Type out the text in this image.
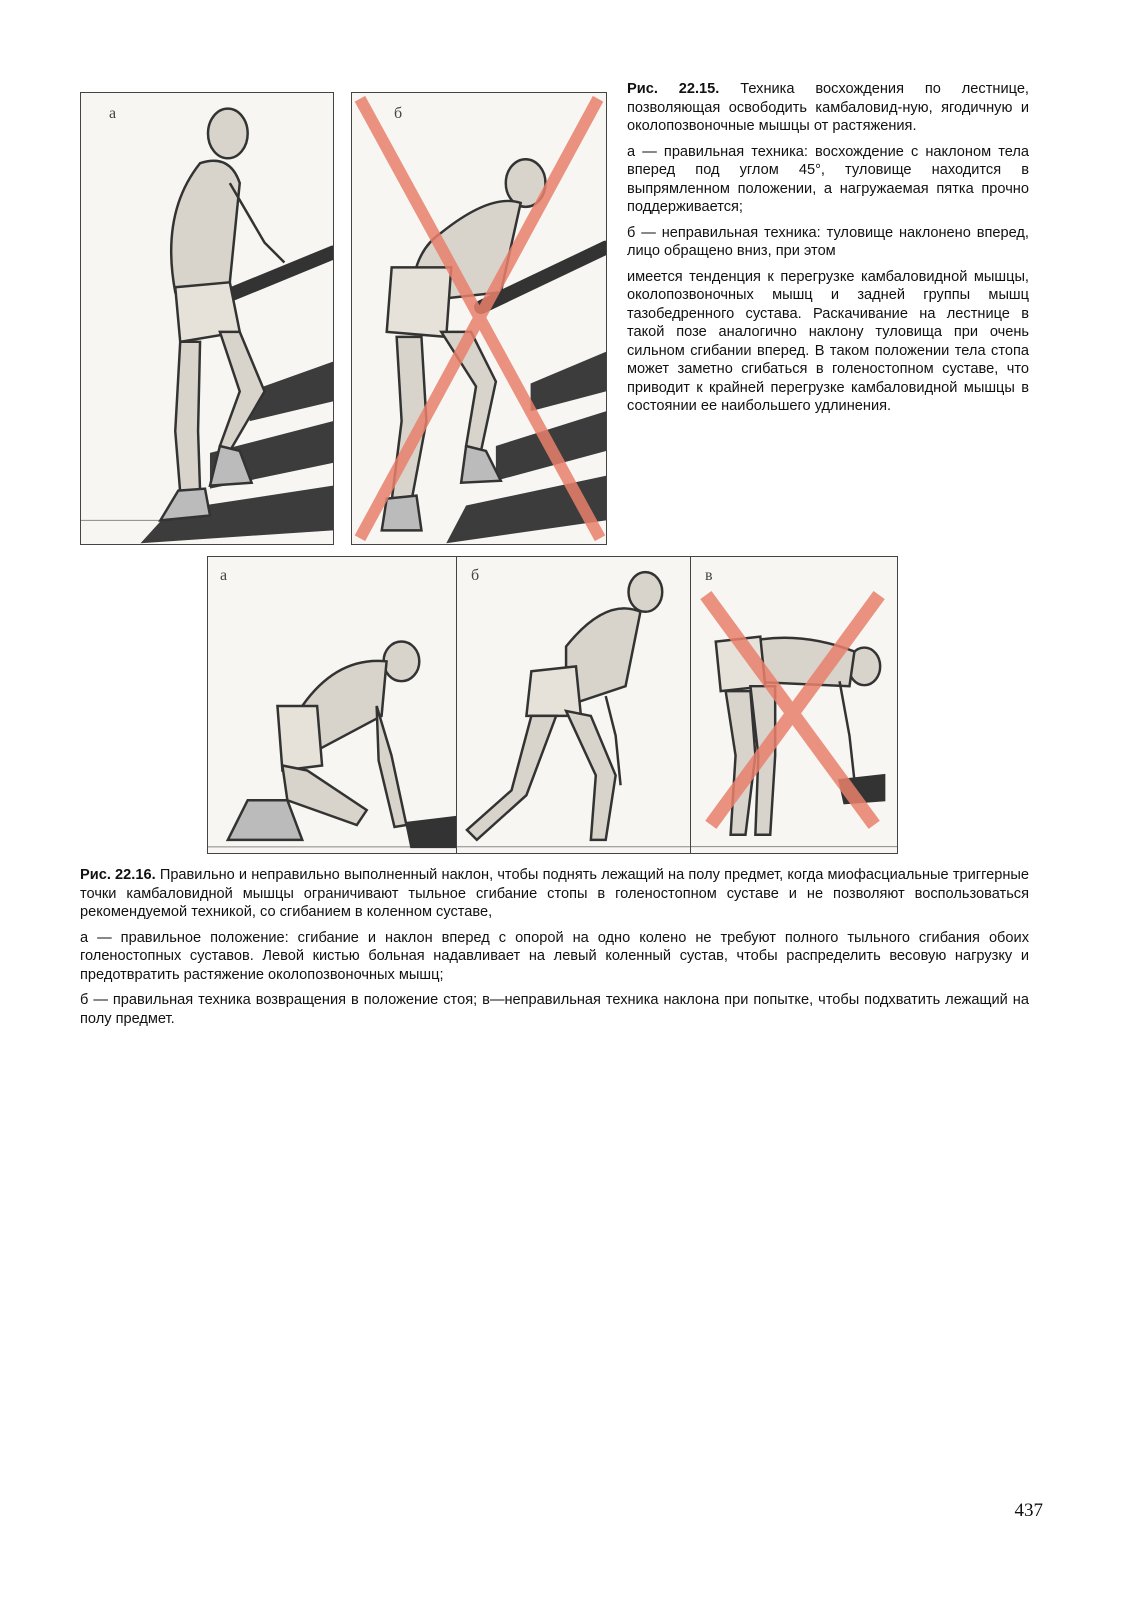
а	б

Рис. 22.15. Техника восхождения по лестнице, позволяющая освободить камбаловид-ную, ягодичную и околопозвоночные мышцы от растяжения.

а — правильная техника: восхождение с наклоном тела вперед под углом 45°, туловище находится в выпрямленном положении, а нагружаемая пятка прочно поддерживается;

б — неправильная техника: туловище наклонено вперед, лицо обращено вниз, при этом

имеется тенденция к перегрузке камбаловидной мышцы, околопозвоночных мышц и задней группы мышц тазобедренного сустава. Раскачивание на лестнице в такой позе аналогично наклону туловища при очень сильном сгибании вперед. В таком положении тела стопа может заметно сгибаться в голеностопном суставе, что приводит к крайней перегрузке камбаловидной мышцы в состоянии ее наибольшего удлинения.

а	б	в

Рис. 22.16. Правильно и неправильно выполненный наклон, чтобы поднять лежащий на полу предмет, когда миофасциальные триггерные точки камбаловидной мышцы ограничивают тыльное сгибание стопы в голеностопном суставе и не позволяют воспользоваться рекомендуемой техникой, со сгибанием в коленном суставе,

а — правильное положение: сгибание и наклон вперед с опорой на одно колено не требуют полного тыльного сгибания обоих голеностопных суставов. Левой кистью больная надавливает на левый коленный сустав, чтобы распределить весовую нагрузку и предотвратить растяжение околопозвоночных мышц;

б — правильная техника возвращения в положение стоя; в—неправильная техника наклона при попытке, чтобы подхватить лежащий на полу предмет.

437
